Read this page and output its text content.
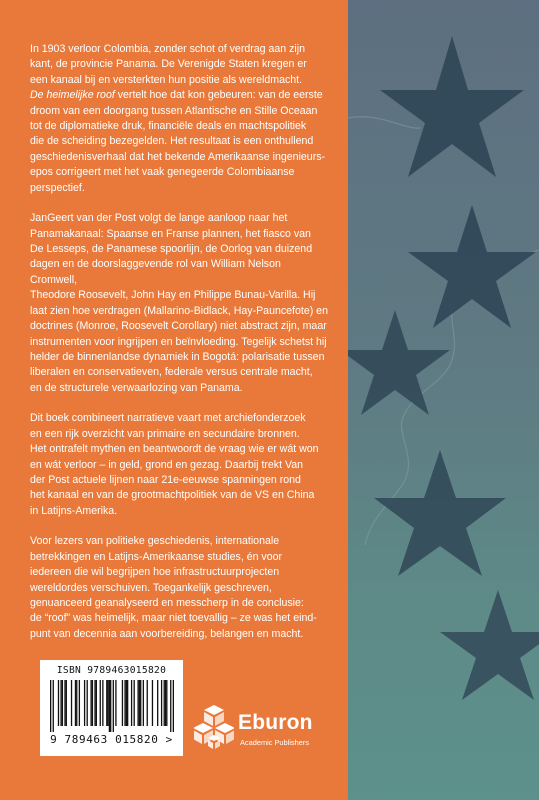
In 1903 verloor Colombia, zonder schot of verdrag aan zijn
kant, de provincie Panama. De Verenigde Staten kregen er
een kanaal bij en versterkten hun positie als wereldmacht.
De heimelijke roof vertelt hoe dat kon gebeuren: van de eerste
droom van een doorgang tussen Atlantische en Stille Oceaan
tot de diplomatieke druk, financiële deals en machtspolitiek
die de scheiding bezegelden. Het resultaat is een onthullend
geschiedenisverhaal dat het bekende Amerikaanse ingenieurs-
epos corrigeert met het vaak genegeerde Colombiaanse
perspectief.

JanGeert van der Post volgt de lange aanloop naar het
Panamakanaal: Spaanse en Franse plannen, het fiasco van
De Lesseps, de Panamese spoorlijn, de Oorlog van duizend
dagen en de doorslaggevende rol van William Nelson Cromwell,
Theodore Roosevelt, John Hay en Philippe Bunau-Varilla. Hij
laat zien hoe verdragen (Mallarino-Bidlack, Hay-Pauncefote) en
doctrines (Monroe, Roosevelt Corollary) niet abstract zijn, maar
instrumenten voor ingrijpen en beïnvloeding. Tegelijk schetst hij
helder de binnenlandse dynamiek in Bogotá: polarisatie tussen
liberalen en conservatieven, federale versus centrale macht,
en de structurele verwaarlozing van Panama.

Dit boek combineert narratieve vaart met archiefonderzoek
en een rijk overzicht van primaire en secundaire bronnen.
Het ontrafelt mythen en beantwoordt de vraag wie er wát won
en wát verloor – in geld, grond en gezag. Daarbij trekt Van
der Post actuele lijnen naar 21e-eeuwse spanningen rond
het kanaal en van de grootmachtpolitiek van de VS en China
in Latijns-Amerika.

Voor lezers van politieke geschiedenis, internationale
betrekkingen en Latijns-Amerikaanse studies, én voor
iedereen die wil begrijpen hoe infrastructuurprojecten
wereldordes verschuiven. Toegankelijk geschreven,
genuanceerd geanalyseerd en messcherp in de conclusie:
de “roof” was heimelijk, maar niet toevallig – ze was het eind-
punt van decennia aan voorbereiding, belangen en macht.

ISBN 9789463015820
9 789463 015820 >
Eburon
Academic Publishers
